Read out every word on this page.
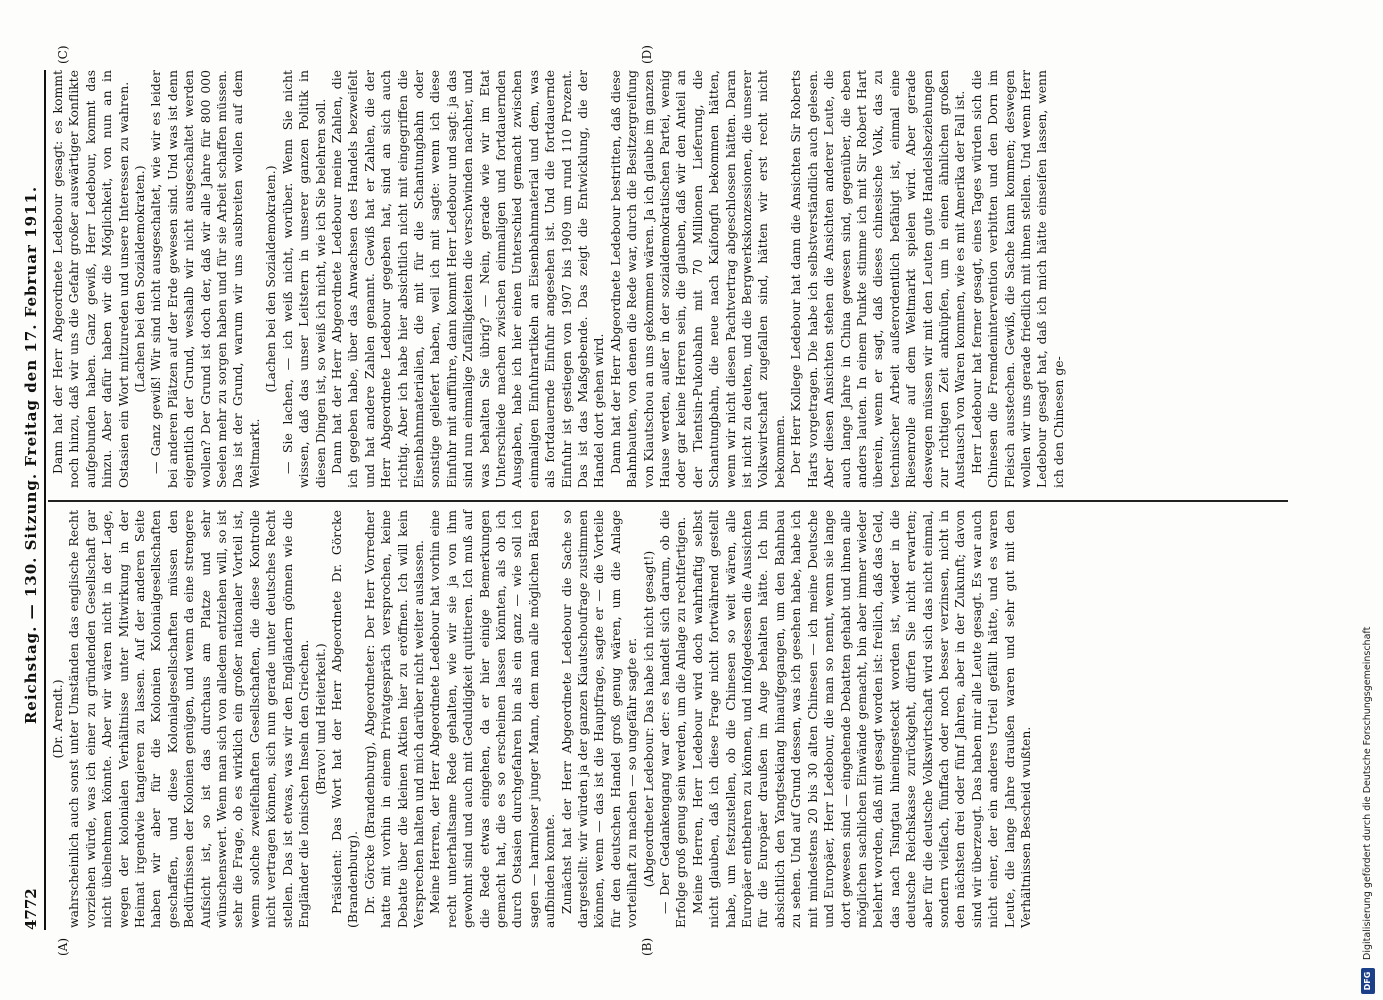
4772
Reichstag. — 130. Sitzung. Freitag den 17. Februar 1911.
(A)	(B)
(C)	(D)

(Dr. Arendt.) wahrscheinlich auch sonst unter Umständen das englische Recht vorziehen würde, was ich einer zu gründenden Gesellschaft gar nicht übelnehmen könnte. Aber wir wären nicht in der Lage, wegen der kolonialen Verhältnisse unter Mitwirkung in der Heimat irgendwie tangieren zu lassen. Auf der anderen Seite haben wir aber für die Kolonien Kolonialgesellschaften geschaffen, und diese Kolonialgesellschaften müssen den Bedürfnissen der Kolonien genügen, und wenn da eine strengere Aufsicht ist, so ist das durchaus am Platze und sehr wünschenswert. Wenn man sich von alledem entziehen will, so ist sehr die Frage, ob es wirklich ein großer nationaler Vorteil ist, wenn solche zweifelhaften Gesellschaften, die diese Kontrolle nicht vertragen können, sich nun gerade unter deutsches Recht stellen. Das ist etwas, was wir den Engländern gönnen wie die Engländer die Ionischen Inseln den Griechen. (Bravo! und Heiterkeit.) Präsident: Das Wort hat der Herr Abgeordnete Dr. Görcke (Brandenburg). Dr. Görcke (Brandenburg), Abgeordneter: Der Herr Vorredner hatte mit vorhin in einem Privatgespräch versprochen, keine Debatte über die kleinen Aktien hier zu eröffnen. Ich will kein Versprechen halten und mich darüber nicht weiter auslassen. Meine Herren, der Herr Abgeordnete Ledebour hat vorhin eine recht unterhaltsame Rede gehalten, wie wir sie ja von ihm gewohnt sind und auch mit Geduldigkeit quittieren. Ich muß auf die Rede etwas eingehen, da er hier einige Bemerkungen gemacht hat, die es so erscheinen lassen könnten, als ob ich durch Ostasien durchgefahren bin als ein ganz — wie soll ich sagen — harmloser junger Mann, dem man alle möglichen Bären aufbinden konnte. Zunächst hat der Herr Abgeordnete Ledebour die Sache so dargestellt: wir würden ja der ganzen Kiautschoufrage zustimmen können, wenn — das ist die Hauptfrage, sagte er — die Vorteile für den deutschen Handel groß genug wären, um die Anlage vorteilhaft zu machen — so ungefähr sagte er. (Abgeordneter Ledebour: Das habe ich nicht gesagt!) — Der Gedankengang war der: es handelt sich darum, ob die Erfolge groß genug sein werden, um die Anlage zu rechtfertigen. Meine Herren, Herr Ledebour wird doch wahrhaftig selbst nicht glauben, daß ich diese Frage nicht fortwährend gestellt habe, um festzustellen, ob die Chinesen so weit wären, alle Europäer entbehren zu können, und infolgedessen die Aussichten für die Europäer draußen im Auge behalten hätte. Ich bin absichtlich den Yangtsekiang hinaufgegangen, um den Bahnbau zu sehen. Und auf Grund dessen, was ich gesehen habe, habe ich mit mindestens 20 bis 30 alten Chinesen — ich meine Deutsche und Europäer, Herr Ledebour, die man so nennt, wenn sie lange dort gewesen sind — eingehende Debatten gehabt und ihnen alle möglichen sachlichen Einwände gemacht, bin aber immer wieder belehrt worden, daß mit gesagt worden ist: freilich, daß das Geld, das nach Tsingtau hineingesteckt worden ist, wieder in die deutsche Reichskasse zurückgeht, dürfen Sie nicht erwarten; aber für die deutsche Volkswirtschaft wird sich das nicht einmal, sondern vielfach, fünffach oder noch besser verzinsen, nicht in den nächsten drei oder fünf Jahren, aber in der Zukunft; davon sind wir überzeugt. Das haben mir alle Leute gesagt. Es war auch nicht einer, der ein anderes Urteil gefällt hätte, und es waren Leute, die lange Jahre draußen waren und sehr gut mit den Verhältnissen Bescheid wußten.

Dann hat der Herr Abgeordnete Ledebour gesagt: es kommt noch hinzu, daß wir uns die Gefahr großer auswärtiger Konflikte aufgebunden haben. Ganz gewiß, Herr Ledebour, kommt das hinzu. Aber dafür haben wir die Möglichkeit, von nun an in Ostasien ein Wort mitzureden und unsere Interessen zu wahren. (Lachen bei den Sozialdemokraten.) — Ganz gewiß! Wir sind nicht ausgeschaltet, wie wir es leider bei anderen Plätzen auf der Erde gewesen sind. Und was ist denn eigentlich der Grund, weshalb wir nicht ausgeschaltet werden wollen? Der Grund ist doch der, daß wir alle Jahre für 800 000 Seelen mehr zu sorgen haben und für sie Arbeit schaffen müssen. Das ist der Grund, warum wir uns ausbreiten wollen auf dem Weltmarkt.

(Lachen bei den Sozialdemokraten.) — Sie lachen, — ich weiß nicht, worüber. Wenn Sie nicht wissen, daß das unser Leitstern in unserer ganzen Politik in diesen Dingen ist, so weiß ich nicht, wie ich Sie belehren soll. Dann hat der Herr Abgeordnete Ledebour meine Zahlen, die ich gegeben habe, über das Anwachsen des Handels bezweifelt und hat andere Zahlen genannt. Gewiß hat er Zahlen, die der Herr Abgeordnete Ledebour gegeben hat, sind an sich auch richtig. Aber ich habe hier absichtlich nicht mit eingegriffen die Eisenbahnmaterialien, die mit für die Schantungbahn oder sonstige geliefert haben, weil ich mit sagte: wenn ich diese Einfuhr mit aufführe, dann kommt Herr Ledebour und sagt: ja das sind nun einmalige Zufälligkeiten die verschwinden nachher, und was behalten Sie übrig? — Nein, gerade wie wir im Etat Unterschiede machen zwischen einmaligen und fortdauernden Ausgaben, habe ich hier einen Unterschied gemacht zwischen einmaligen Einfuhrartikeln an Eisenbahnmaterial und dem, was als fortdauernde Einfuhr angesehen ist. Und die fortdauernde Einfuhr ist gestiegen von 1907 bis 1909 um rund 110 Prozent. Das ist das Maßgebende. Das zeigt die Entwicklung, die der Handel dort gehen wird. Dann hat der Herr Abgeordnete Ledebour bestritten, daß diese Bahnbauten, von denen die Rede war, durch die Besitzergreifung von Kiautschou an uns gekommen wären. Ja ich glaube im ganzen Hause werden, außer in der sozialdemokratischen Partei, wenig oder gar keine Herren sein, die glauben, daß wir den Anteil an der Tientsin-Pukoubahn mit 70 Millionen Lieferung, die Schantungbahn, die neue nach Kaifongfu bekommen hätten, wenn wir nicht diesen Pachtvertrag abgeschlossen hätten. Daran ist nicht zu deuten, und die Bergwerkskonzessionen, die unserer Volkswirtschaft zugefallen sind, hätten wir erst recht nicht bekommen. Der Herr Kollege Ledebour hat dann die Ansichten Sir Roberts Harts vorgetragen. Die habe ich selbstverständlich auch gelesen. Aber diesen Ansichten stehen die Ansichten anderer Leute, die auch lange Jahre in China gewesen sind, gegenüber, die eben anders lauten. In einem Punkte stimme ich mit Sir Robert Hart überein, wenn er sagt, daß dieses chinesische Volk, das zu technischer Arbeit außerordentlich befähigt ist, einmal eine Riesenrolle auf dem Weltmarkt spielen wird. Aber gerade deswegen müssen wir mit den Leuten gute Handelsbeziehungen zur richtigen Zeit anknüpfen, um in einen ähnlichen großen Austausch von Waren kommen, wie es mit Amerika der Fall ist. Herr Ledebour hat ferner gesagt, eines Tages würden sich die Chinesen die Fremdenintervention verbitten und den Dorn im Fleisch ausstechen. Gewiß, die Sache kann kommen; deswegen wollen wir uns gerade friedlich mit ihnen stellen. Und wenn Herr Ledebour gesagt hat, daß ich mich hätte einseifen lassen, wenn ich den Chinesen ge-

DFG
Digitalisierung gefördert durch die Deutsche Forschungsgemeinschaft
